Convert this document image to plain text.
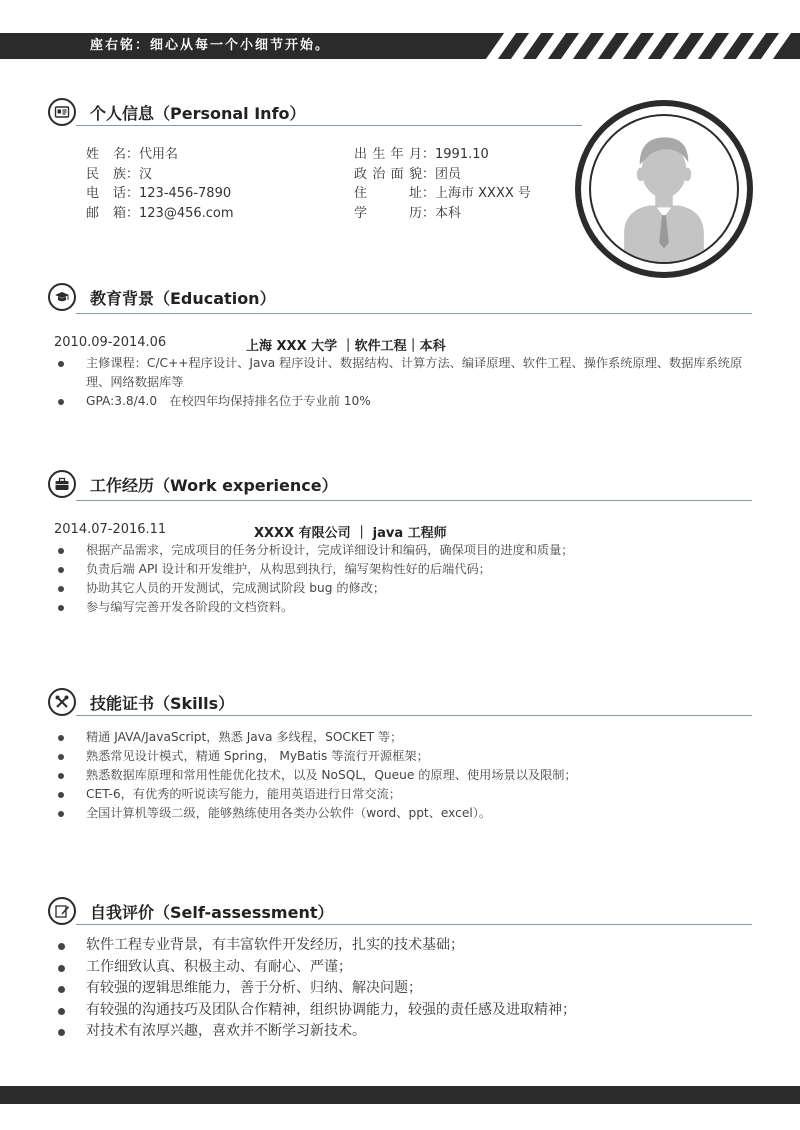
座右铭：细心从每一个小细节开始。
个人信息（Personal Info）
姓名：代用名	出生年月：1991.10
民族：汉	政治面貌：团员
电话：123-456-7890	住址：上海市 XXXX 号
邮箱：123@456.com	学历：本科
教育背景（Education）
2010.09-2014.06	上海 XXX 大学 ｜软件工程｜本科
主修课程：C/C++程序设计、Java 程序设计、数据结构、计算方法、编译原理、软件工程、操作系统原理、数据库系统原理、网络数据库等
GPA:3.8/4.0　在校四年均保持排名位于专业前 10%
工作经历（Work experience）
2014.07-2016.11	XXXX 有限公司 ｜ java 工程师
根据产品需求，完成项目的任务分析设计，完成详细设计和编码，确保项目的进度和质量；
负责后端 API 设计和开发维护，从构思到执行，编写架构性好的后端代码；
协助其它人员的开发测试，完成测试阶段 bug 的修改；
参与编写完善开发各阶段的文档资料。
技能证书（Skills）
精通 JAVA/JavaScript，熟悉 Java 多线程，SOCKET 等；
熟悉常见设计模式，精通 Spring， MyBatis 等流行开源框架；
熟悉数据库原理和常用性能优化技术，以及 NoSQL，Queue 的原理、使用场景以及限制；
CET-6，有优秀的听说读写能力，能用英语进行日常交流；
全国计算机等级二级，能够熟练使用各类办公软件（word、ppt、excel）。
自我评价（Self-assessment）
软件工程专业背景，有丰富软件开发经历，扎实的技术基础；
工作细致认真、积极主动、有耐心、严谨；
有较强的逻辑思维能力，善于分析、归纳、解决问题；
有较强的沟通技巧及团队合作精神，组织协调能力，较强的责任感及进取精神；
对技术有浓厚兴趣，喜欢并不断学习新技术。
